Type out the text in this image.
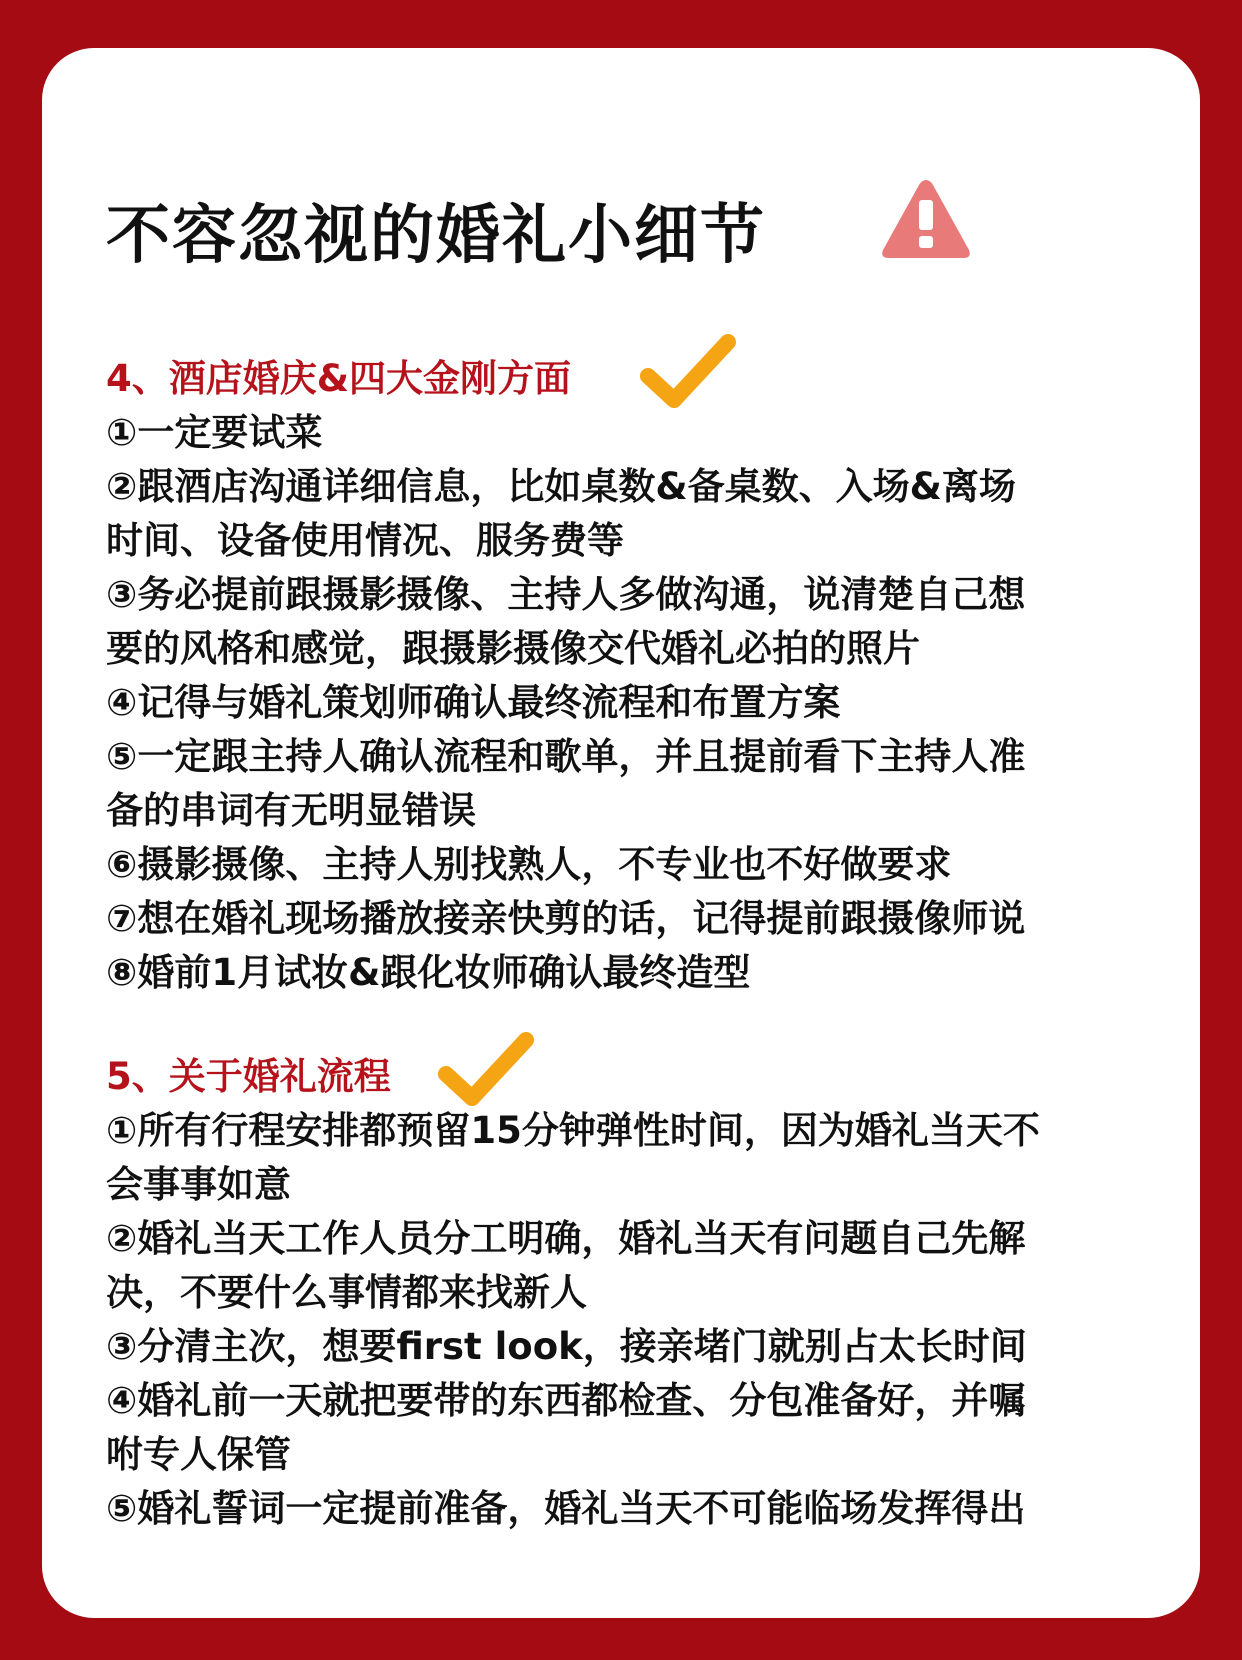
不容忽视的婚礼小细节
4、酒店婚庆&四大金刚方面
①一定要试菜
②跟酒店沟通详细信息，比如桌数&备桌数、入场&离场
时间、设备使用情况、服务费等
③务必提前跟摄影摄像、主持人多做沟通，说清楚自己想
要的风格和感觉，跟摄影摄像交代婚礼必拍的照片
④记得与婚礼策划师确认最终流程和布置方案
⑤一定跟主持人确认流程和歌单，并且提前看下主持人准
备的串词有无明显错误
⑥摄影摄像、主持人别找熟人，不专业也不好做要求
⑦想在婚礼现场播放接亲快剪的话，记得提前跟摄像师说
⑧婚前1月试妆&跟化妆师确认最终造型
5、关于婚礼流程
①所有行程安排都预留15分钟弹性时间，因为婚礼当天不
会事事如意
②婚礼当天工作人员分工明确，婚礼当天有问题自己先解
决，不要什么事情都来找新人
③分清主次，想要first look，接亲堵门就别占太长时间
④婚礼前一天就把要带的东西都检查、分包准备好，并嘱
咐专人保管
⑤婚礼誓词一定提前准备，婚礼当天不可能临场发挥得出
